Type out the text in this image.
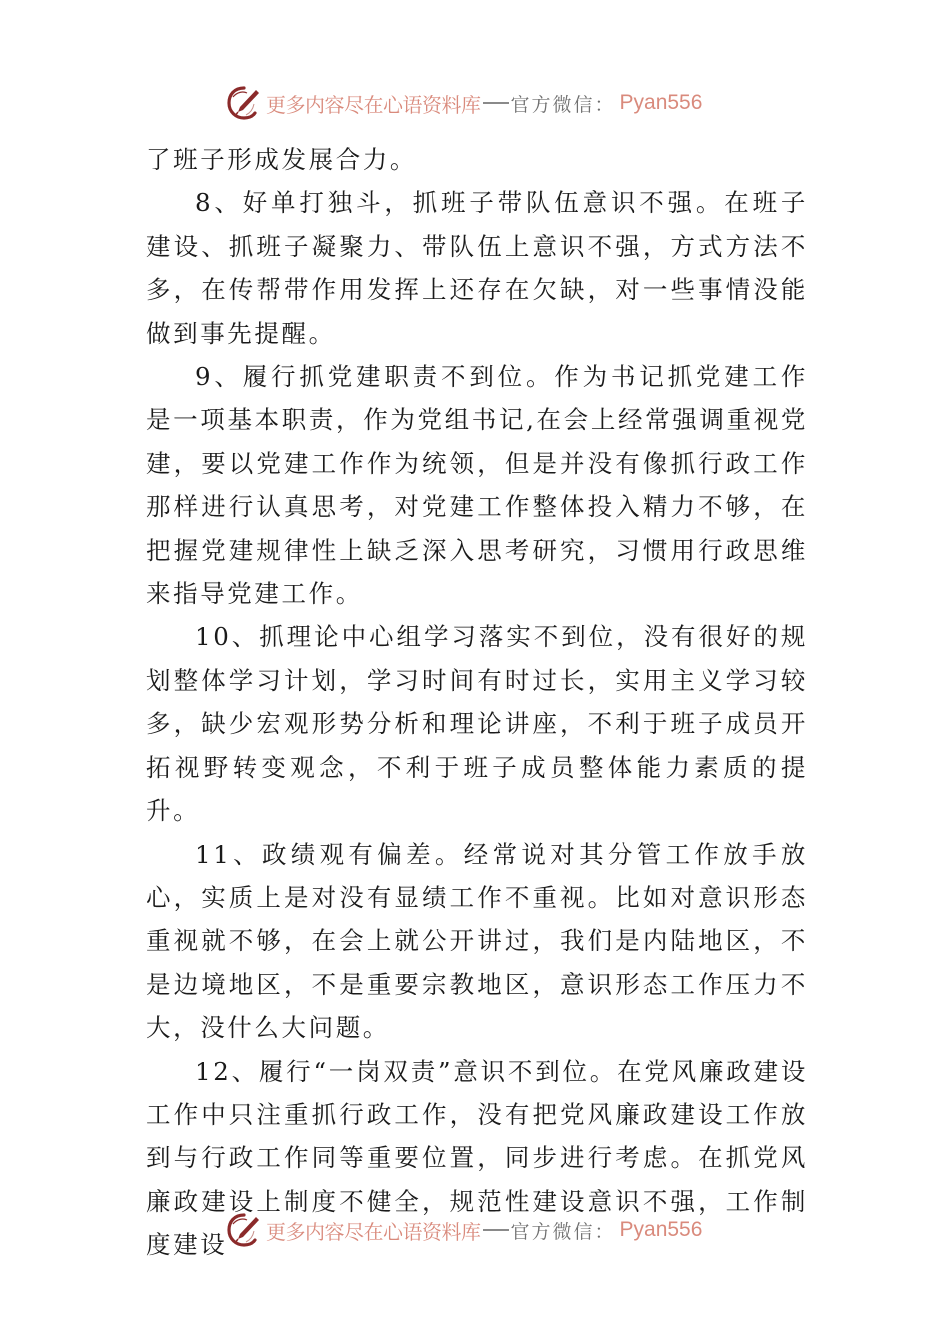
更多内容尽在心语资料库 官方微信： Pyan556

了班子形成发展合力。

8、好单打独斗，抓班子带队伍意识不强。在班子建设、抓班子凝聚力、带队伍上意识不强，方式方法不多，在传帮带作用发挥上还存在欠缺，对一些事情没能做到事先提醒。

9、履行抓党建职责不到位。作为书记抓党建工作是一项基本职责，作为党组书记,在会上经常强调重视党建，要以党建工作作为统领，但是并没有像抓行政工作那样进行认真思考，对党建工作整体投入精力不够，在把握党建规律性上缺乏深入思考研究，习惯用行政思维来指导党建工作。

10、抓理论中心组学习落实不到位，没有很好的规划整体学习计划，学习时间有时过长，实用主义学习较多，缺少宏观形势分析和理论讲座，不利于班子成员开拓视野转变观念，不利于班子成员整体能力素质的提升。

11、政绩观有偏差。经常说对其分管工作放手放心，实质上是对没有显绩工作不重视。比如对意识形态重视就不够，在会上就公开讲过，我们是内陆地区，不是边境地区，不是重要宗教地区，意识形态工作压力不大，没什么大问题。

12、履行“一岗双责”意识不到位。在党风廉政建设工作中只注重抓行政工作，没有把党风廉政建设工作放到与行政工作同等重要位置，同步进行考虑。在抓党风廉政建设上制度不健全，规范性建设意识不强，工作制度建设	更多内容尽在心语资料库 官方微信： Pyan556
